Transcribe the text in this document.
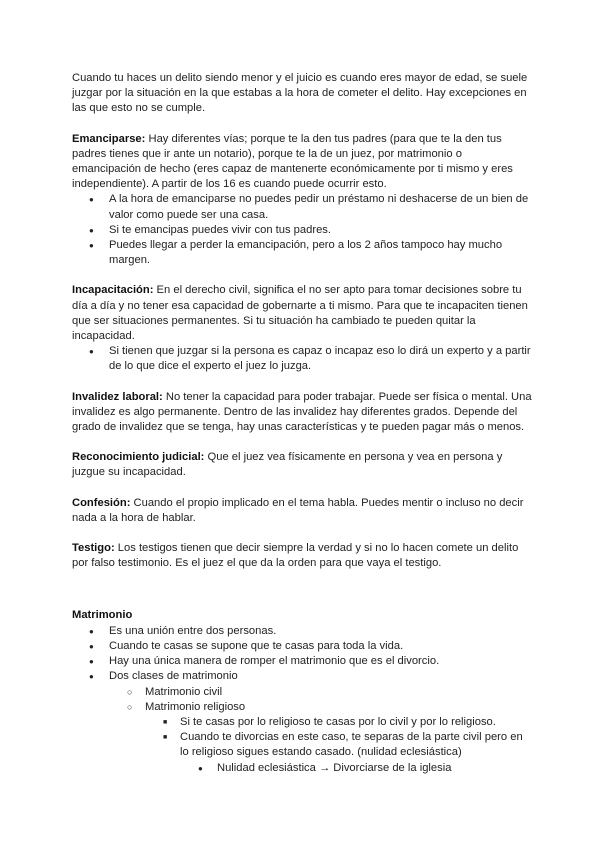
Cuando tu haces un delito siendo menor y el juicio es cuando eres mayor de edad, se suele juzgar por la situación en la que estabas a la hora de cometer el delito. Hay excepciones en las que esto no se cumple.

Emanciparse: Hay diferentes vías; porque te la den tus padres (para que te la den tus padres tienes que ir ante un notario), porque te la de un juez, por matrimonio o emancipación de hecho (eres capaz de mantenerte económicamente por ti mismo y eres independiente). A partir de los 16 es cuando puede ocurrir esto.

● A la hora de emanciparse no puedes pedir un préstamo ni deshacerse de un bien de valor como puede ser una casa.
● Si te emancipas puedes vivir con tus padres.
● Puedes llegar a perder la emancipación, pero a los 2 años tampoco hay mucho margen.

Incapacitación: En el derecho civil, significa el no ser apto para tomar decisiones sobre tu día a día y no tener esa capacidad de gobernarte a ti mismo. Para que te incapaciten tienen que ser situaciones permanentes. Si tu situación ha cambiado te pueden quitar la incapacidad.

● Si tienen que juzgar si la persona es capaz o incapaz eso lo dirá un experto y a partir de lo que dice el experto el juez lo juzga.

Invalidez laboral: No tener la capacidad para poder trabajar. Puede ser física o mental. Una invalidez es algo permanente. Dentro de las invalidez hay diferentes grados. Depende del grado de invalidez que se tenga, hay unas características y te pueden pagar más o menos.

Reconocimiento judicial: Que el juez vea físicamente en persona y vea en persona y juzgue su incapacidad.

Confesión: Cuando el propio implicado en el tema habla. Puedes mentir o incluso no decir nada a la hora de hablar.

Testigo: Los testigos tienen que decir siempre la verdad y si no lo hacen comete un delito por falso testimonio. Es el juez el que da la orden para que vaya el testigo.

Matrimonio

● Es una unión entre dos personas.
● Cuando te casas se supone que te casas para toda la vida.
● Hay una única manera de romper el matrimonio que es el divorcio.
● Dos clases de matrimonio
○ Matrimonio civil
○ Matrimonio religioso
■ Si te casas por lo religioso te casas por lo civil y por lo religioso.
■ Cuando te divorcias en este caso, te separas de la parte civil pero en lo religioso sigues estando casado. (nulidad eclesiástica)
● Nulidad eclesiástica → Divorciarse de la iglesia
